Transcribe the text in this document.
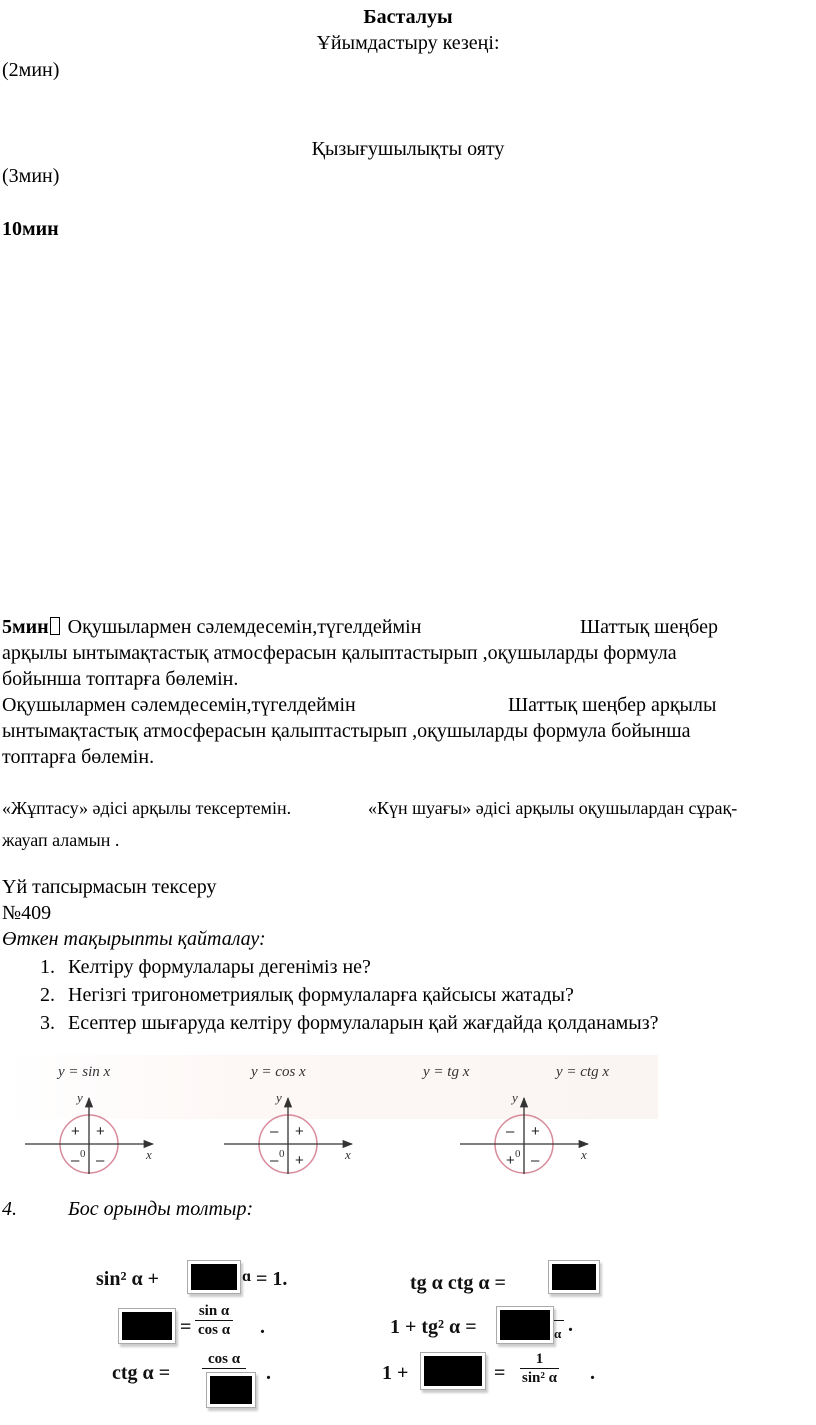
Басталуы
Ұйымдастыру кезеңі:
(2мин)
Қызығушылықты ояту
(3мин)
10мин
5мин Оқушылармен сәлемдесемін,түгелдеймін	Шаттық шеңбер
арқылы ынтымақтастық атмосферасын қалыптастырып ,оқушыларды формула
бойынша топтарға бөлемін.
Оқушылармен сәлемдесемін,түгелдеймін	Шаттық шеңбер арқылы
ынтымақтастық атмосферасын қалыптастырып ,оқушыларды формула бойынша
топтарға бөлемін.
«Жұптасу» әдісі арқылы тексертемін.	«Күн шуағы» әдісі арқылы оқушылардан сұрақ-
жауап аламын .
Үй тапсырмасын тексеру
№409
Өткен тақырыпты қайталау:
1. Келтіру формулалары дегеніміз не?
2. Негізгі тригонометриялық формулаларға қайсысы жатады?
3. Есептер шығаруда келтіру формулаларын қай жағдайда қолданамыз?
y = sin x	y = cos x	y = tg x	y = ctg x
y
x
0
+ +
– –
y
x
0
– +
– +
y
x
0
– +
+ –
4.	Бос орынды толтыр:
sin² α +	ɑ = 1.
= $\frac{\text{sin α}}{\text{cos α}}$ .
ctg α =
cos α
.
tg α ctg α =
1 + tg² α =	α .
1 +	= $\frac{1}{\text{sin² α}}$ .
